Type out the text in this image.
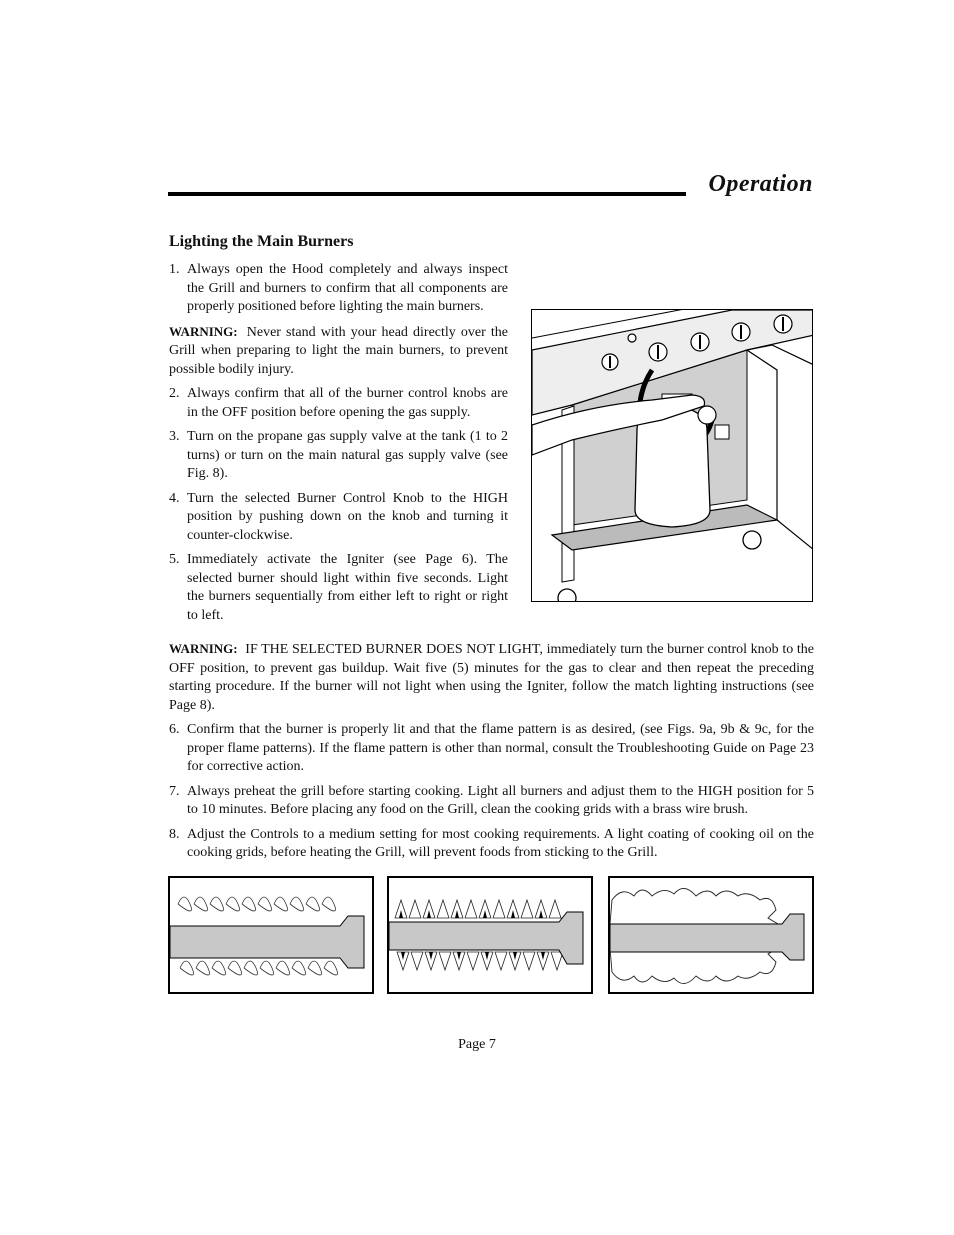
Operation
Lighting the Main Burners
1. Always open the Hood completely and always inspect the Grill and burners to confirm that all components are properly positioned before lighting the main burners.
WARNING: Never stand with your head directly over the Grill when preparing to light the main burners, to prevent possible bodily injury.
2. Always confirm that all of the burner control knobs are in the OFF position before opening the gas supply.
3. Turn on the propane gas supply valve at the tank (1 to 2 turns) or turn on the main natural gas supply valve (see Fig. 8).
4. Turn the selected Burner Control Knob to the HIGH position by pushing down on the knob and turning it counter-clockwise.
5. Immediately activate the Igniter (see Page 6). The selected burner should light within five seconds. Light the burners sequentially from either left to right or right to left.
WARNING: IF THE SELECTED BURNER DOES NOT LIGHT, immediately turn the burner control knob to the OFF position, to prevent gas buildup. Wait five (5) minutes for the gas to clear and then repeat the preceding starting procedure. If the burner will not light when using the Igniter, follow the match lighting instructions (see Page 8).
6. Confirm that the burner is properly lit and that the flame pattern is as desired, (see Figs. 9a, 9b & 9c, for the proper flame patterns). If the flame pattern is other than normal, consult the Troubleshooting Guide on Page 23 for corrective action.
7. Always preheat the grill before starting cooking. Light all burners and adjust them to the HIGH position for 5 to 10 minutes. Before placing any food on the Grill, clean the cooking grids with a brass wire brush.
8. Adjust the Controls to a medium setting for most cooking requirements. A light coating of cooking oil on the cooking grids, before heating the Grill, will prevent foods from sticking to the Grill.
Page 7
